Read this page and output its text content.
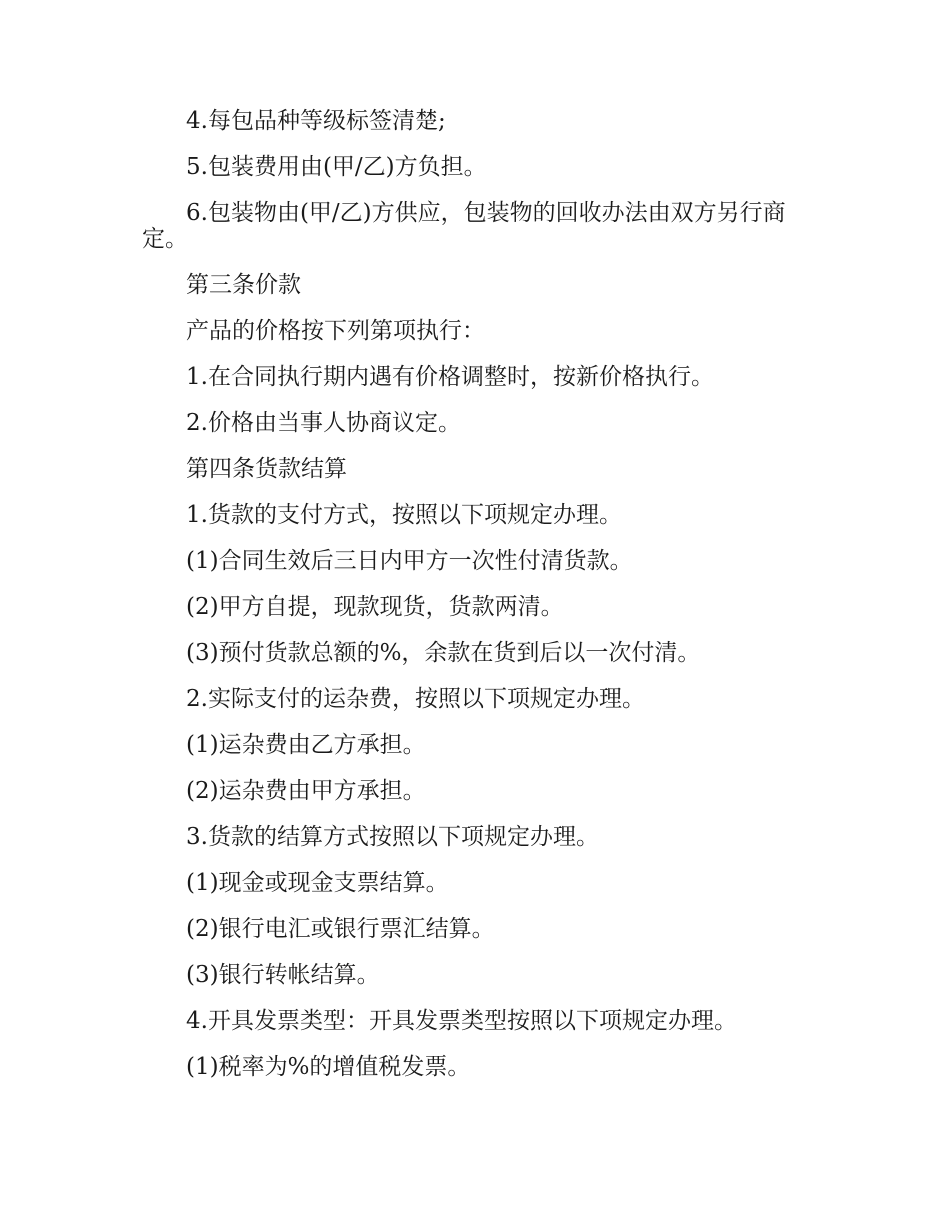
4.每包品种等级标签清楚;

5.包装费用由(甲/乙)方负担。

6.包装物由(甲/乙)方供应，包装物的回收办法由双方另行商定。

第三条价款

产品的价格按下列第项执行：

1.在合同执行期内遇有价格调整时，按新价格执行。

2.价格由当事人协商议定。

第四条货款结算

1.货款的支付方式，按照以下项规定办理。

(1)合同生效后三日内甲方一次性付清货款。

(2)甲方自提，现款现货，货款两清。

(3)预付货款总额的%，余款在货到后以一次付清。

2.实际支付的运杂费，按照以下项规定办理。

(1)运杂费由乙方承担。

(2)运杂费由甲方承担。

3.货款的结算方式按照以下项规定办理。

(1)现金或现金支票结算。

(2)银行电汇或银行票汇结算。

(3)银行转帐结算。

4.开具发票类型：开具发票类型按照以下项规定办理。

(1)税率为%的增值税发票。
